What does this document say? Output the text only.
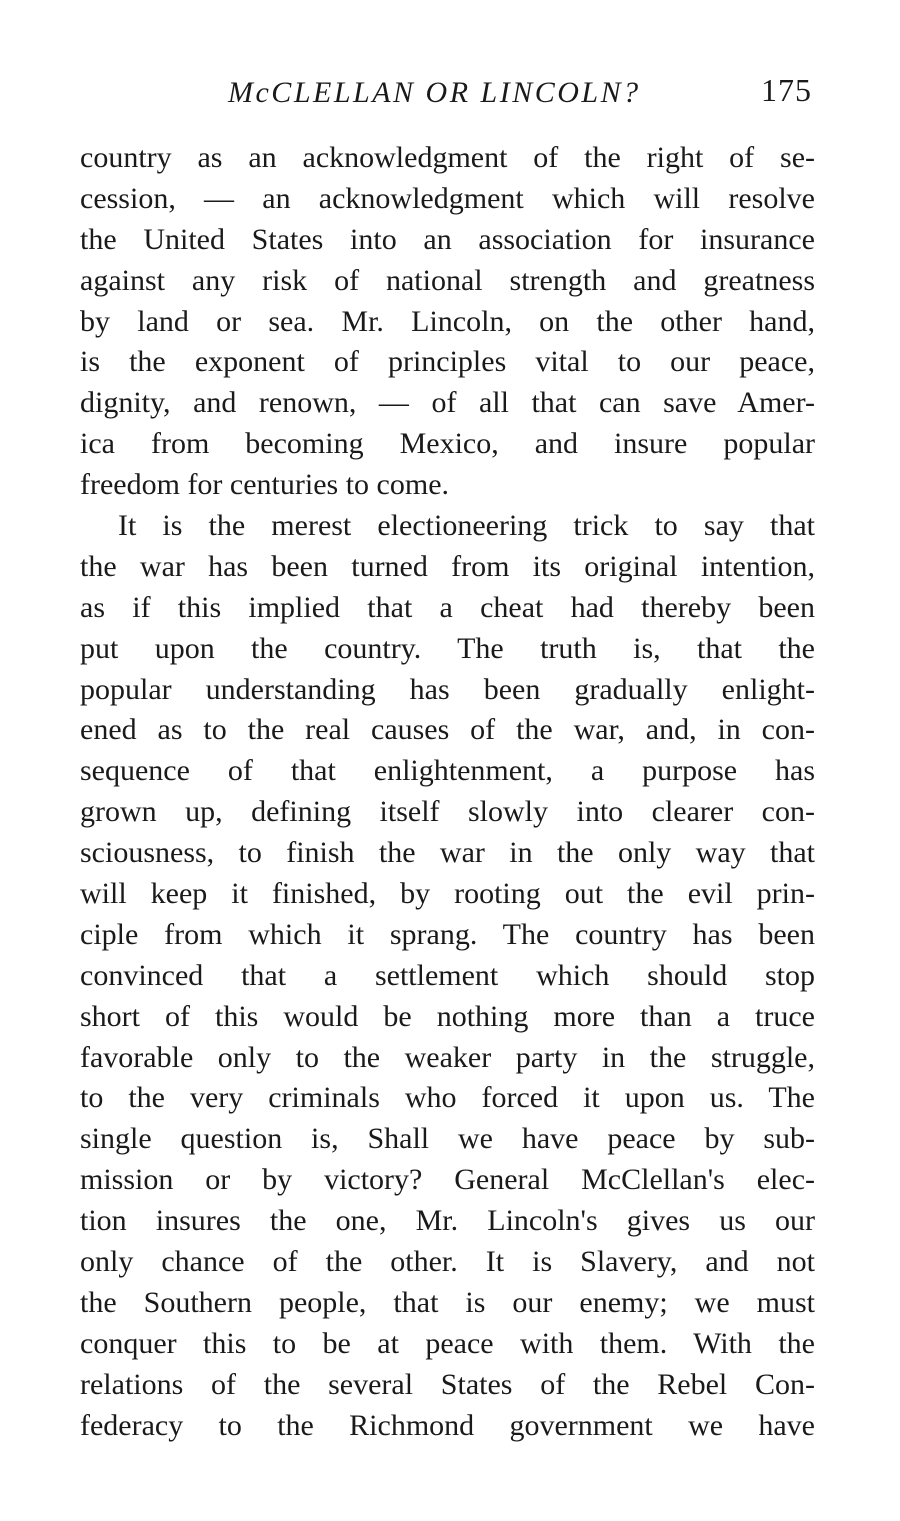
McCLELLAN OR LINCOLN?	175
country as an acknowledgment of the right of se-
cession, — an acknowledgment which will resolve
the United States into an association for insurance
against any risk of national strength and greatness
by land or sea. Mr. Lincoln, on the other hand,
is the exponent of principles vital to our peace,
dignity, and renown, — of all that can save Amer-
ica from becoming Mexico, and insure popular
freedom for centuries to come.
It is the merest electioneering trick to say that
the war has been turned from its original intention,
as if this implied that a cheat had thereby been
put upon the country. The truth is, that the
popular understanding has been gradually enlight-
ened as to the real causes of the war, and, in con-
sequence of that enlightenment, a purpose has
grown up, defining itself slowly into clearer con-
sciousness, to finish the war in the only way that
will keep it finished, by rooting out the evil prin-
ciple from which it sprang. The country has been
convinced that a settlement which should stop
short of this would be nothing more than a truce
favorable only to the weaker party in the struggle,
to the very criminals who forced it upon us. The
single question is, Shall we have peace by sub-
mission or by victory? General McClellan's elec-
tion insures the one, Mr. Lincoln's gives us our
only chance of the other. It is Slavery, and not
the Southern people, that is our enemy; we must
conquer this to be at peace with them. With the
relations of the several States of the Rebel Con-
federacy to the Richmond government we have
